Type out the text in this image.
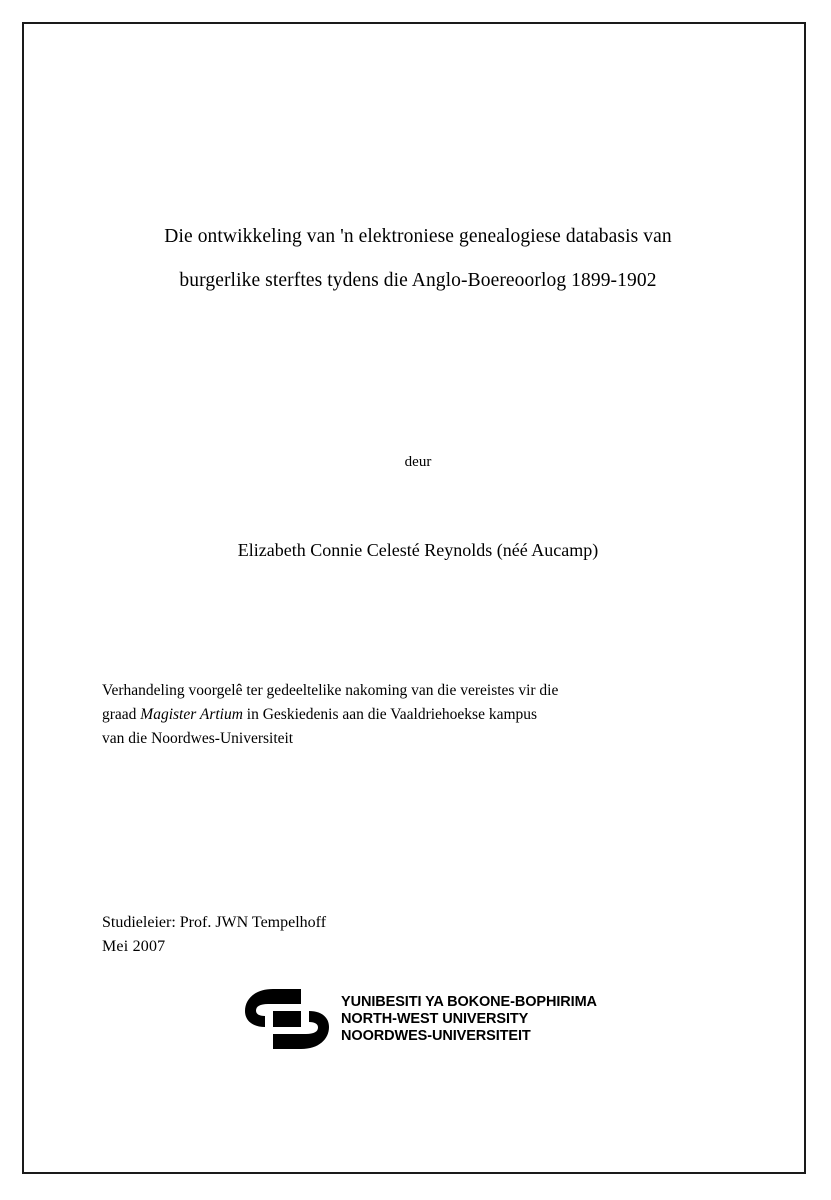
Die ontwikkeling van 'n elektroniese genealogiese databasis van
burgerlike sterftes tydens die Anglo-Boereoorlog 1899-1902
deur
Elizabeth Connie Celesté Reynolds (néé Aucamp)
Verhandeling voorgelê ter gedeeltelike nakoming van die vereistes vir die
graad Magister Artium in Geskiedenis aan die Vaaldriehoekse kampus
van die Noordwes-Universiteit
Studieleier: Prof. JWN Tempelhoff
Mei 2007
YUNIBESITI YA BOKONE-BOPHIRIMA
NORTH-WEST UNIVERSITY
NOORDWES-UNIVERSITEIT
